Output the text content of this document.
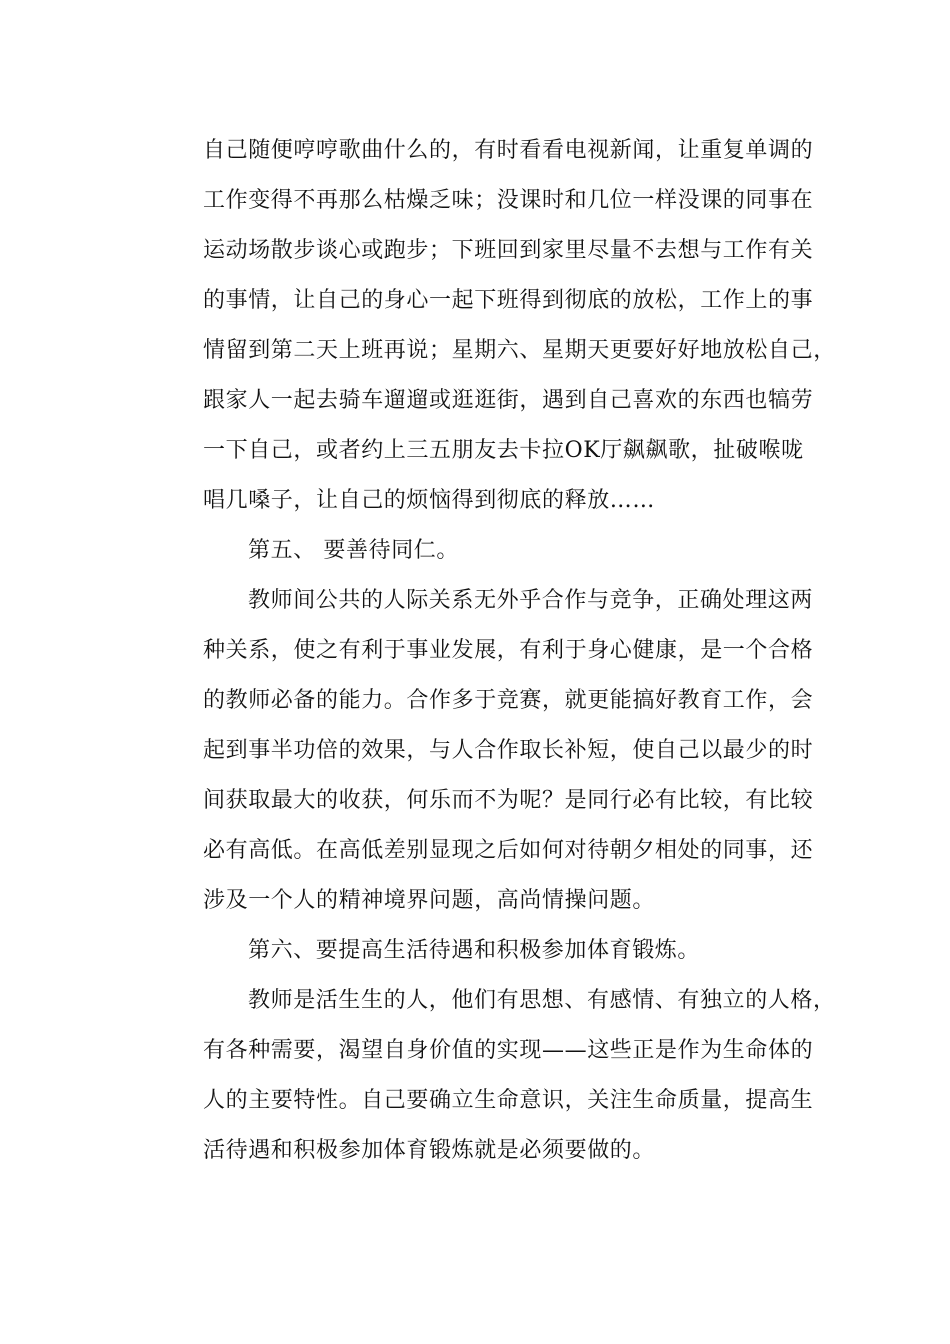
自己随便哼哼歌曲什么的，有时看看电视新闻，让重复单调的
工作变得不再那么枯燥乏味；没课时和几位一样没课的同事在
运动场散步谈心或跑步；下班回到家里尽量不去想与工作有关
的事情，让自己的身心一起下班得到彻底的放松，工作上的事
情留到第二天上班再说；星期六、星期天更要好好地放松自己，
跟家人一起去骑车遛遛或逛逛街，遇到自己喜欢的东西也犒劳
一下自己，或者约上三五朋友去卡拉OK厅飙飙歌，扯破喉咙
唱几嗓子，让自己的烦恼得到彻底的释放……
第五、 要善待同仁。
教师间公共的人际关系无外乎合作与竞争，正确处理这两
种关系，使之有利于事业发展，有利于身心健康，是一个合格
的教师必备的能力。合作多于竞赛，就更能搞好教育工作，会
起到事半功倍的效果，与人合作取长补短，使自己以最少的时
间获取最大的收获，何乐而不为呢？是同行必有比较，有比较
必有高低。在高低差别显现之后如何对待朝夕相处的同事，还
涉及一个人的精神境界问题，高尚情操问题。
第六、要提高生活待遇和积极参加体育锻炼。
教师是活生生的人，他们有思想、有感情、有独立的人格，
有各种需要，渴望自身价值的实现——这些正是作为生命体的
人的主要特性。自己要确立生命意识，关注生命质量，提高生
活待遇和积极参加体育锻炼就是必须要做的。
